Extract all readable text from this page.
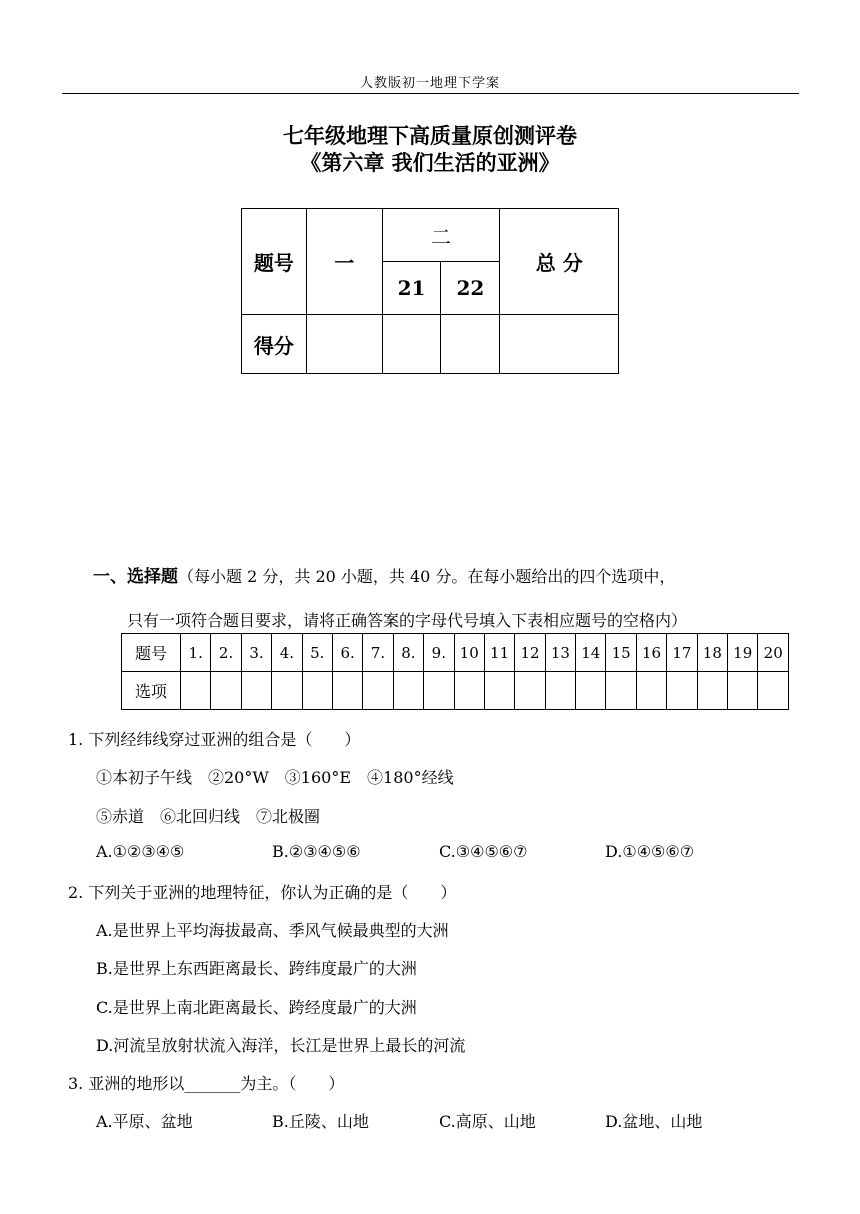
人教版初一地理下学案
七年级地理下高质量原创测评卷
《第六章 我们生活的亚洲》
题号	一	二		总 分
		21	22	
得分				
一、选择题（每小题 2 分，共 20 小题，共 40 分。在每小题给出的四个选项中，
只有一项符合题目要求，请将正确答案的字母代号填入下表相应题号的空格内）
题号	1.	2.	3.	4.	5.	6.	7.	8.	9.	10	11	12	13	14	15	16	17	18	19	20
选项																				
1. 下列经纬线穿过亚洲的组合是（　　）
①本初子午线　②20°W　③160°E　④180°经线
⑤赤道　⑥北回归线　⑦北极圈
A.①②③④⑤	B.②③④⑤⑥	C.③④⑤⑥⑦	D.①④⑤⑥⑦
2. 下列关于亚洲的地理特征，你认为正确的是（　　）
A.是世界上平均海拔最高、季风气候最典型的大洲
B.是世界上东西距离最长、跨纬度最广的大洲
C.是世界上南北距离最长、跨经度最广的大洲
D.河流呈放射状流入海洋，长江是世界上最长的河流
3. 亚洲的地形以_______为主。（　　）
A.平原、盆地	B.丘陵、山地	C.高原、山地	D.盆地、山地
